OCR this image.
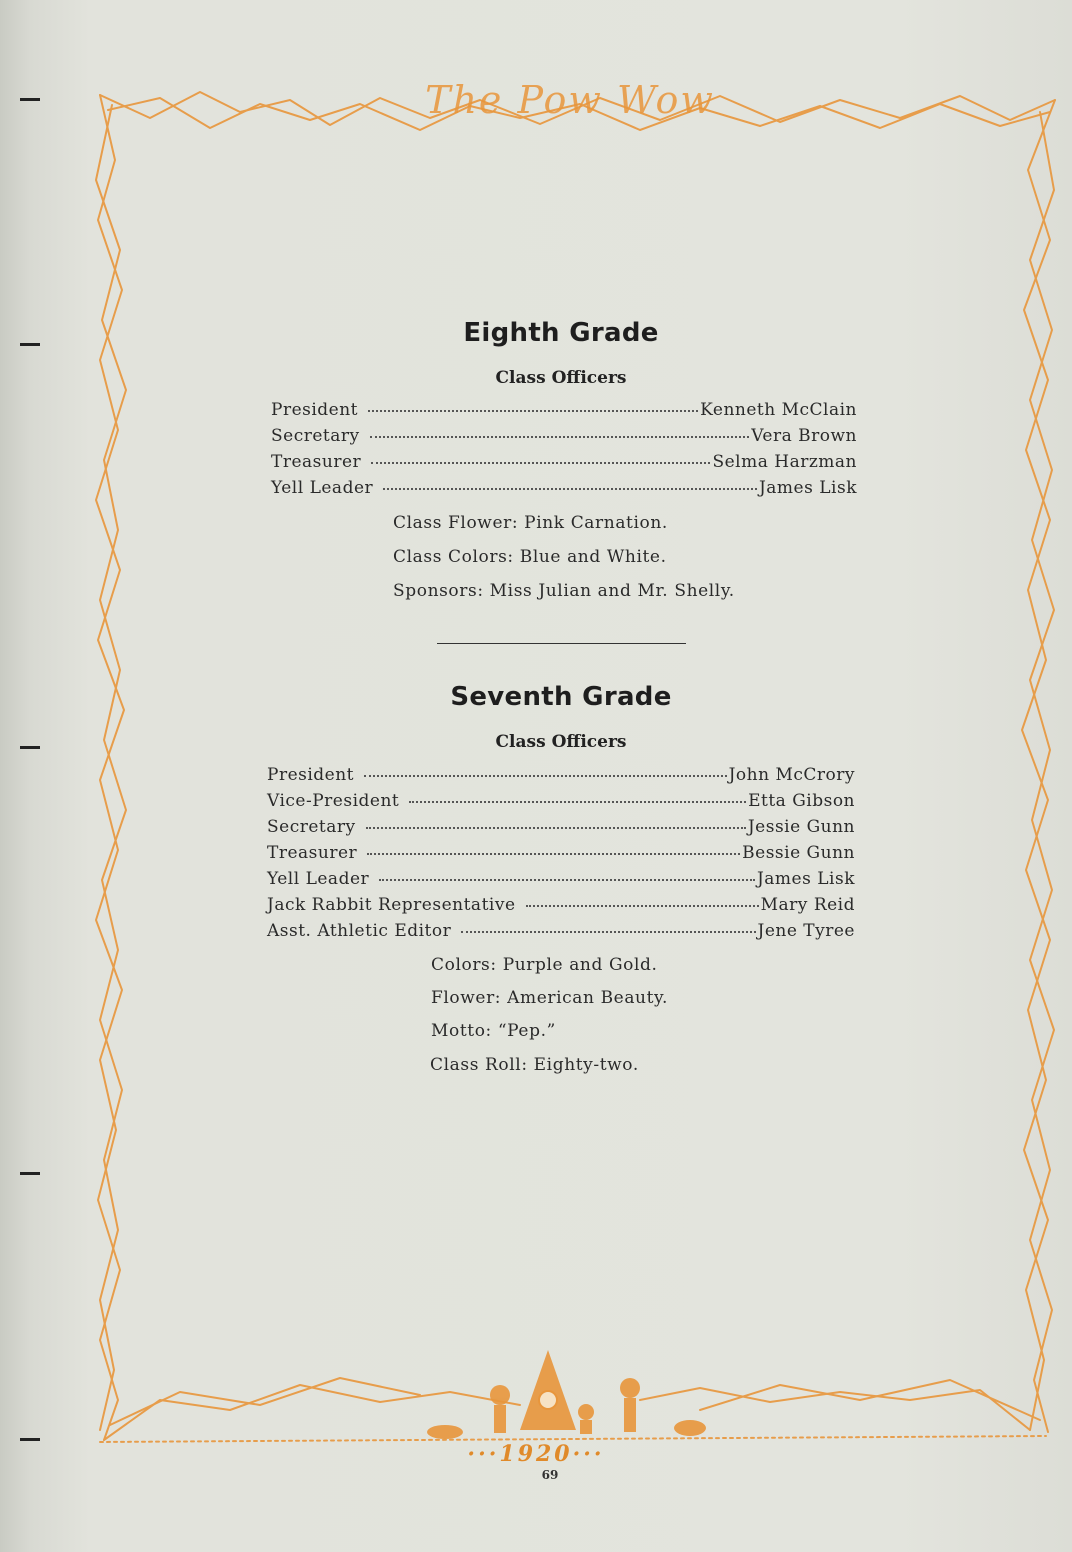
The Pow Wow
Eighth Grade
Class Officers
President	Kenneth McClain
Secretary	Vera Brown
Treasurer	Selma Harzman
Yell Leader	James Lisk
Class Flower: Pink Carnation.
Class Colors: Blue and White.
Sponsors: Miss Julian and Mr. Shelly.
Seventh Grade
Class Officers
President	John McCrory
Vice-President	Etta Gibson
Secretary	Jessie Gunn
Treasurer	Bessie Gunn
Yell Leader	James Lisk
Jack Rabbit Representative	Mary Reid
Asst. Athletic Editor	Jene Tyree
Colors: Purple and Gold.
Flower: American Beauty.
Motto: “Pep.”
Class Roll: Eighty-two.
···1920···
69
